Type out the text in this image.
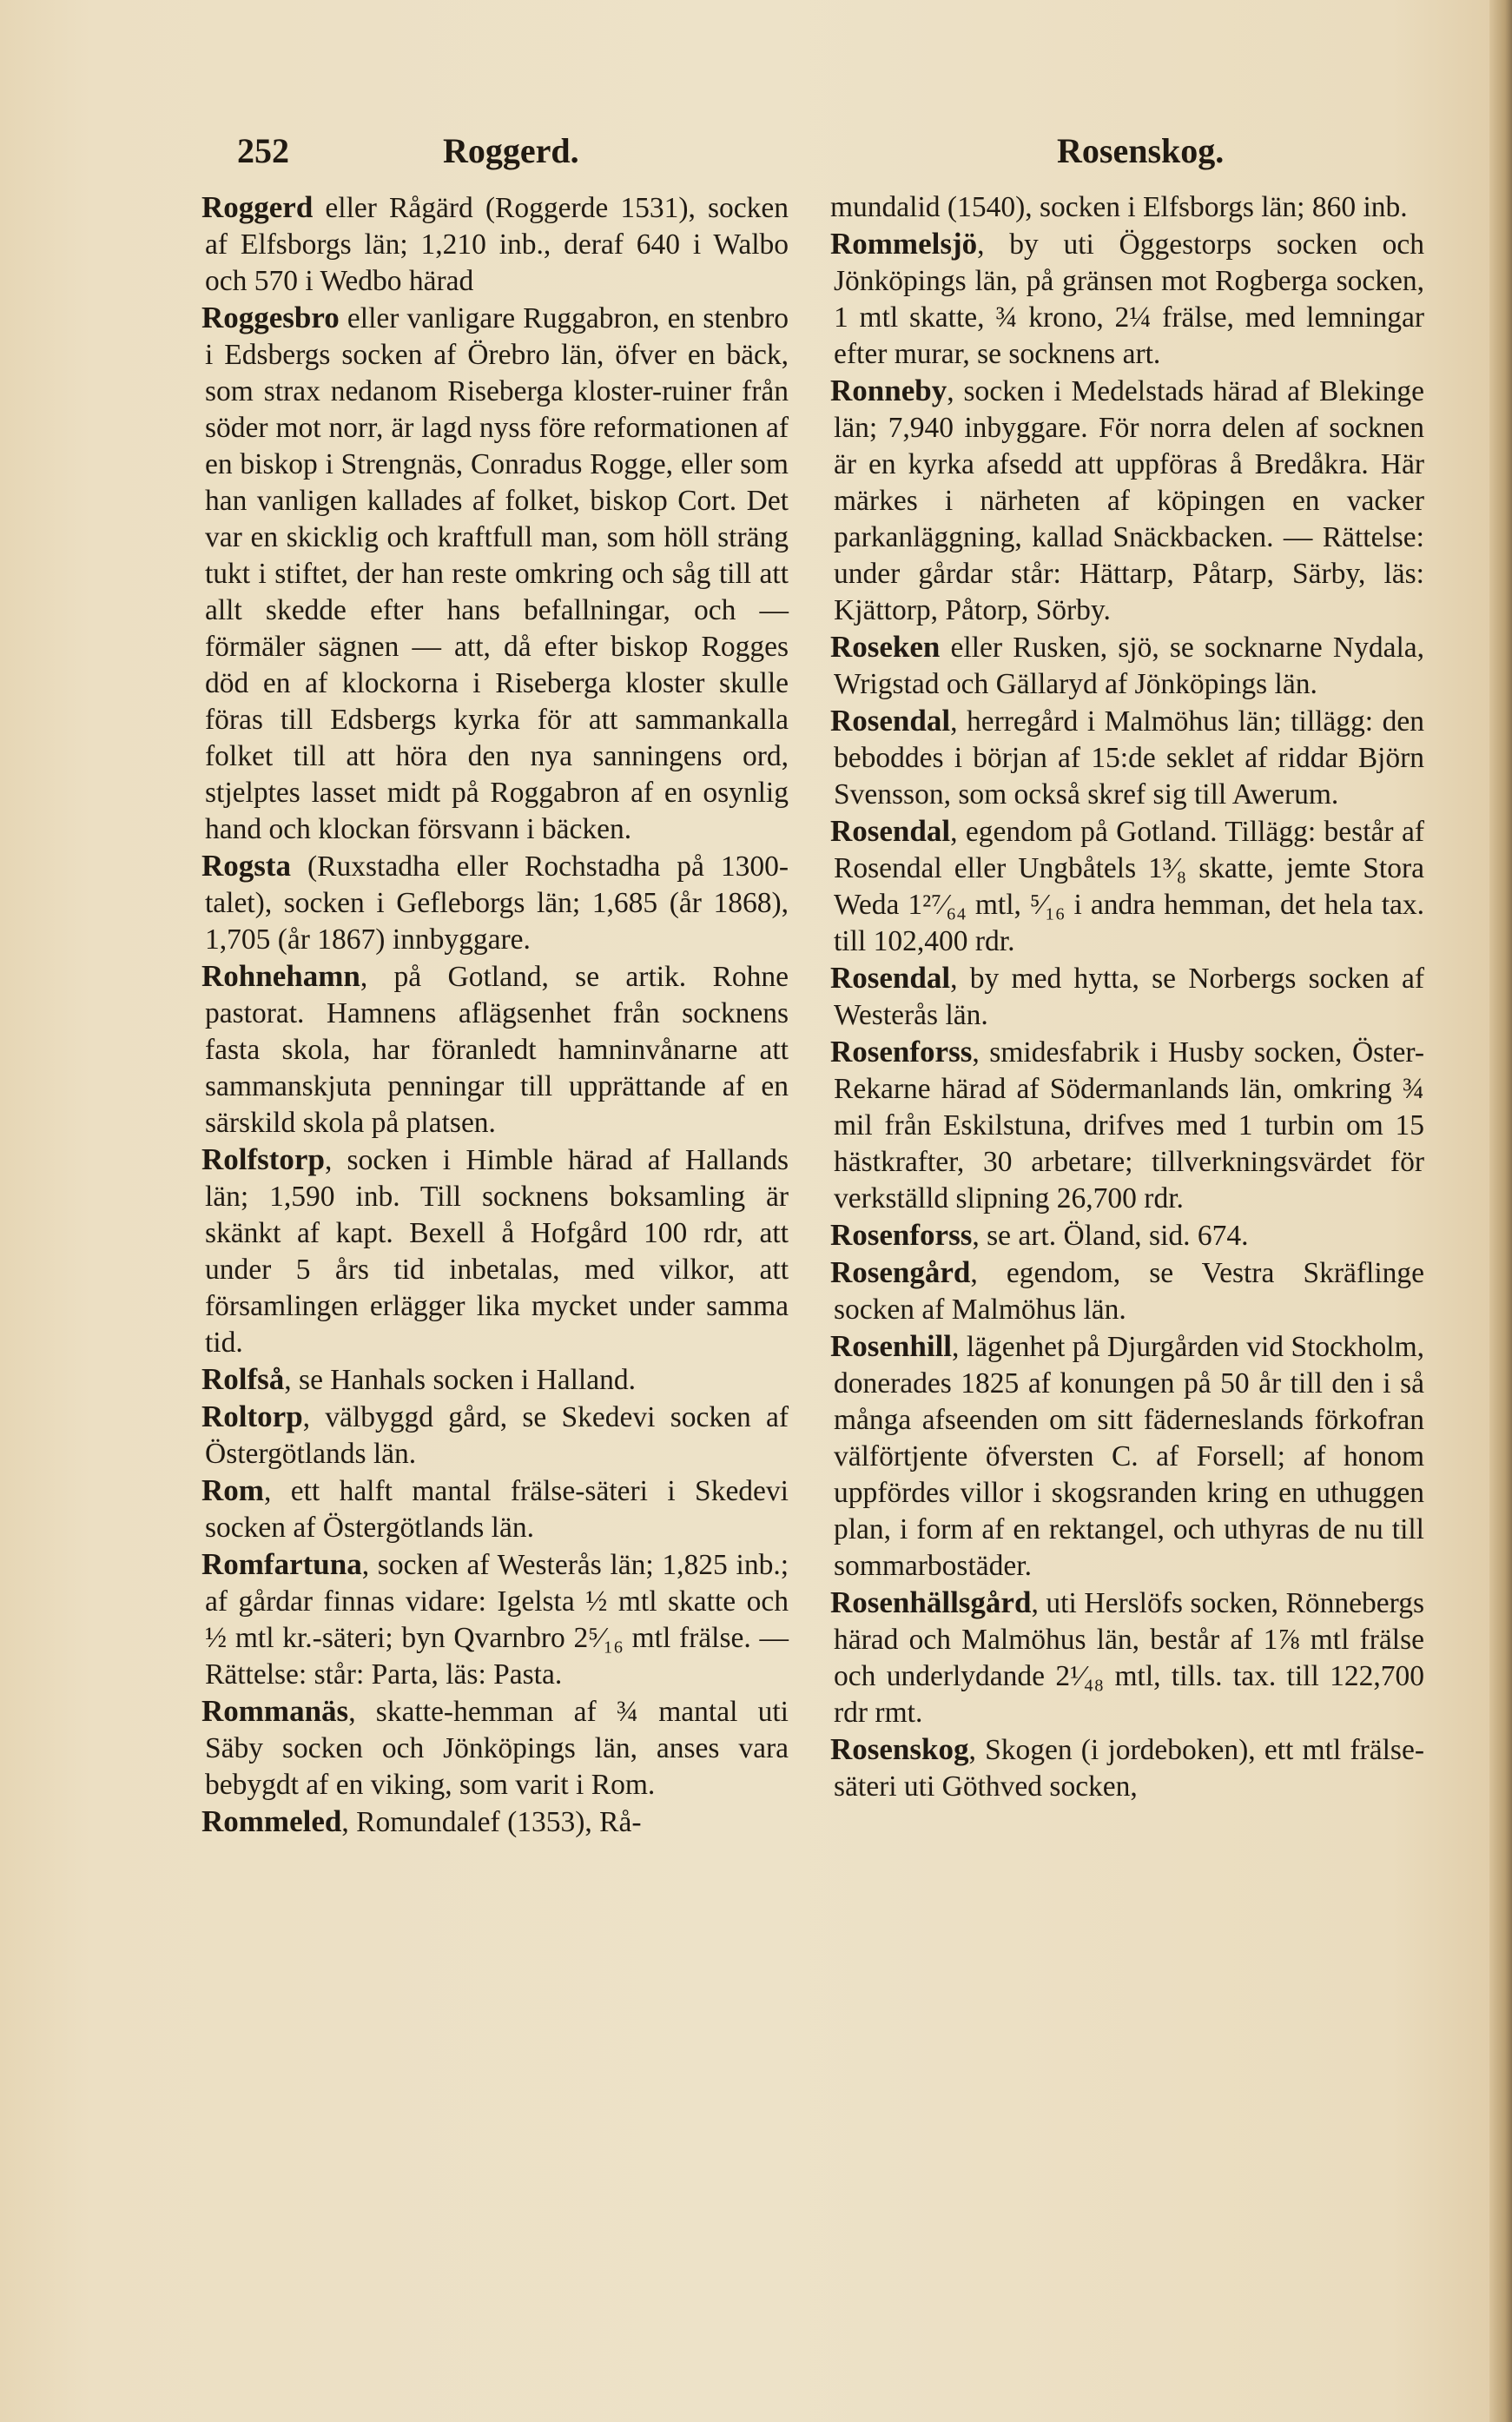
252	Roggerd.	Rosenskog.

Roggerd eller Rågärd (Roggerde 1531), socken af Elfsborgs län; 1,210 inb., deraf 640 i Walbo och 570 i Wedbo härad

Roggesbro eller vanligare Ruggabron, en stenbro i Edsbergs socken af Örebro län, öfver en bäck, som strax nedanom Riseberga kloster-ruiner från söder mot norr, är lagd nyss före reformationen af en biskop i Strengnäs, Conradus Rogge, eller som han vanligen kallades af folket, biskop Cort. Det var en skicklig och kraftfull man, som höll sträng tukt i stiftet, der han reste omkring och såg till att allt skedde efter hans befallningar, och — förmäler sägnen — att, då efter biskop Rogges död en af klockorna i Riseberga kloster skulle föras till Edsbergs kyrka för att sammankalla folket till att höra den nya sanningens ord, stjelptes lasset midt på Roggabron af en osynlig hand och klockan försvann i bäcken.

Rogsta (Ruxstadha eller Rochstadha på 1300-talet), socken i Gefleborgs län; 1,685 (år 1868), 1,705 (år 1867) innbyggare.

Rohnehamn, på Gotland, se artik. Rohne pastorat. Hamnens aflägsenhet från socknens fasta skola, har föranledt hamninvånarne att sammanskjuta penningar till upprättande af en särskild skola på platsen.

Rolfstorp, socken i Himble härad af Hallands län; 1,590 inb. Till socknens boksamling är skänkt af kapt. Bexell å Hofgård 100 rdr, att under 5 års tid inbetalas, med vilkor, att församlingen erlägger lika mycket under samma tid.

Rolfså, se Hanhals socken i Halland.

Roltorp, välbyggd gård, se Skedevi socken af Östergötlands län.

Rom, ett halft mantal frälse-säteri i Skedevi socken af Östergötlands län.

Romfartuna, socken af Westerås län; 1,825 inb.; af gårdar finnas vidare: Igelsta ½ mtl skatte och ½ mtl kr.-säteri; byn Qvarnbro 2⁵⁄₁₆ mtl frälse. — Rättelse: står: Parta, läs: Pasta.

Rommanäs, skatte-hemman af ¾ mantal uti Säby socken och Jönköpings län, anses vara bebygdt af en viking, som varit i Rom.

Rommeled, Romundalef (1353), Rå-

mundalid (1540), socken i Elfsborgs län; 860 inb.

Rommelsjö, by uti Öggestorps socken och Jönköpings län, på gränsen mot Rogberga socken, 1 mtl skatte, ¾ krono, 2¼ frälse, med lemningar efter murar, se socknens art.

Ronneby, socken i Medelstads härad af Blekinge län; 7,940 inbyggare. För norra delen af socknen är en kyrka afsedd att uppföras å Bredåkra. Här märkes i närheten af köpingen en vacker parkanläggning, kallad Snäckbacken. — Rättelse: under gårdar står: Hättarp, Påtarp, Särby, läs: Kjättorp, Påtorp, Sörby.

Roseken eller Rusken, sjö, se socknarne Nydala, Wrigstad och Gällaryd af Jönköpings län.

Rosendal, herregård i Malmöhus län; tillägg: den beboddes i början af 15:de seklet af riddar Björn Svensson, som också skref sig till Awerum.

Rosendal, egendom på Gotland. Tillägg: består af Rosendal eller Ungbåtels 1³⁄₈ skatte, jemte Stora Weda 1²⁷⁄₆₄ mtl, ⁵⁄₁₆ i andra hemman, det hela tax. till 102,400 rdr.

Rosendal, by med hytta, se Norbergs socken af Westerås län.

Rosenforss, smidesfabrik i Husby socken, Öster-Rekarne härad af Södermanlands län, omkring ¾ mil från Eskilstuna, drifves med 1 turbin om 15 hästkrafter, 30 arbetare; tillverkningsvärdet för verkställd slipning 26,700 rdr.

Rosenforss, se art. Öland, sid. 674.

Rosengård, egendom, se Vestra Skräflinge socken af Malmöhus län.

Rosenhill, lägenhet på Djurgården vid Stockholm, donerades 1825 af konungen på 50 år till den i så många afseenden om sitt fäderneslands förkofran välförtjente öfversten C. af Forsell; af honom uppfördes villor i skogsranden kring en uthuggen plan, i form af en rektangel, och uthyras de nu till sommarbostäder.

Rosenhällsgård, uti Herslöfs socken, Rönnebergs härad och Malmöhus län, består af 1⅞ mtl frälse och underlydande 2¹⁄₄₈ mtl, tills. tax. till 122,700 rdr rmt.

Rosenskog, Skogen (i jordeboken), ett mtl frälse-säteri uti Göthved socken,
